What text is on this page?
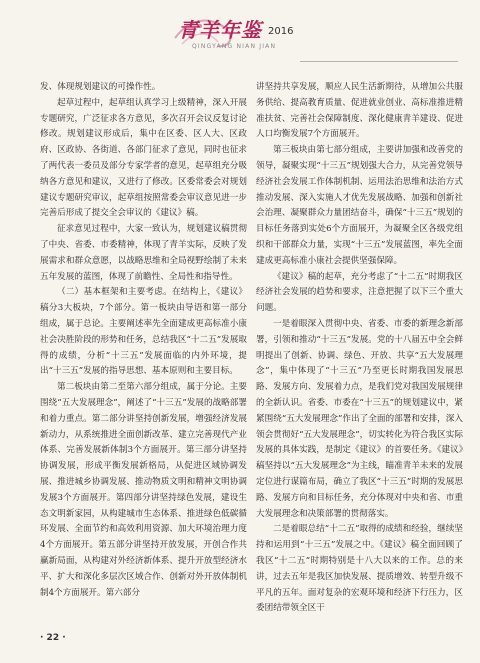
青羊年鉴 2016
QINGYANG NIAN JIAN

发、体现规划建议的可操作性。

起草过程中，起草组认真学习上级精神，深入开展专题研究，广泛征求各方意见，多次召开会议反复讨论修改。规划建议形成后，集中在区委、区人大、区政府、区政协、各街道、各部门征求了意见，同时也征求了两代表一委员及部分专家学者的意见，起草组充分吸纳各方意见和建议，又进行了修改。区委常委会对规划建议专题研究审议，起草组按照常委会审议意见进一步完善后形成了提交全会审议的《建议》稿。

征求意见过程中，大家一致认为，规划建议稿贯彻了中央、省委、市委精神，体现了青羊实际，反映了发展需求和群众意愿，以战略思维和全局视野绘制了未来五年发展的蓝图，体现了前瞻性、全局性和指导性。

（二）基本框架和主要考虑。在结构上，《建议》稿分3大板块，7个部分。第一板块由导语和第一部分组成，属于总论。主要阐述率先全面建成更高标准小康社会决胜阶段的形势和任务，总结我区“十二五”发展取得的成绩，分析“十三五”发展面临的内外环境，提出“十三五”发展的指导思想、基本原则和主要目标。

第二板块由第二至第六部分组成，属于分论。主要围绕“五大发展理念”，阐述了“十三五”发展的战略部署和着力重点。第二部分讲坚持创新发展，增强经济发展新动力，从系统推进全面创新改革、建立完善现代产业体系、完善发展新体制3个方面展开。第三部分讲坚持协调发展，形成平衡发展新格局，从促进区域协调发展、推进城乡协调发展、推动物质文明和精神文明协调发展3个方面展开。第四部分讲坚持绿色发展，建设生态文明新家园，从构建城市生态体系、推进绿色低碳循环发展、全面节约和高效利用资源、加大环境治理力度4个方面展开。第五部分讲坚持开放发展，开创合作共赢新局面，从构建对外经济新体系、提升开放型经济水平、扩大和深化多层次区域合作、创新对外开放体制机制4个方面展开。第六部分

讲坚持共享发展，顺应人民生活新期待，从增加公共服务供给、提高教育质量、促进就业创业、高标准推进精准扶贫、完善社会保障制度、深化健康青羊建设、促进人口均衡发展7个方面展开。

第三板块由第七部分组成，主要讲加强和改善党的领导，凝聚实现“十三五”规划强大合力，从完善党领导经济社会发展工作体制机制、运用法治思维和法治方式推动发展、深入实施人才优先发展战略、加强和创新社会治理、凝聚群众力量团结奋斗，确保“十三五”规划的目标任务落到实处6个方面展开，为凝聚全区各级党组织和干部群众力量，实现“十三五”发展蓝图，率先全面建成更高标准小康社会提供坚强保障。

《建议》稿的起草，充分考虑了“十二五”时期我区经济社会发展的趋势和要求，注意把握了以下三个重大问题。

一是着眼深入贯彻中央、省委、市委的新理念新部署，引领和推动“十三五”发展。党的十八届五中全会鲜明提出了创新、协调、绿色、开放、共享“五大发展理念”，集中体现了“十三五”乃至更长时期我国发展思路、发展方向、发展着力点，是我们党对我国发展规律的全新认识。省委、市委在“十三五”的规划建议中，紧紧围绕“五大发展理念”作出了全面的部署和安排，深入领会贯彻好“五大发展理念”，切实转化为符合我区实际发展的具体实践，是制定《建议》的首要任务。《建议》稿坚持以“五大发展理念”为主线，瞄准青羊未来的发展定位进行谋篇布局，确立了我区“十三五”时期的发展思路、发展方向和目标任务，充分体现对中央和省、市重大发展理念和决策部署的贯彻落实。

二是着眼总结“十二五”取得的成绩和经验，继续坚持和运用到“十三五”发展之中。《建议》稿全面回顾了我区“十二五”时期特别是十八大以来的工作。总的来讲，过去五年是我区加快发展、提质增效、转型升级不平凡的五年。面对复杂的宏观环境和经济下行压力，区委团结带领全区干

· 22 ·
